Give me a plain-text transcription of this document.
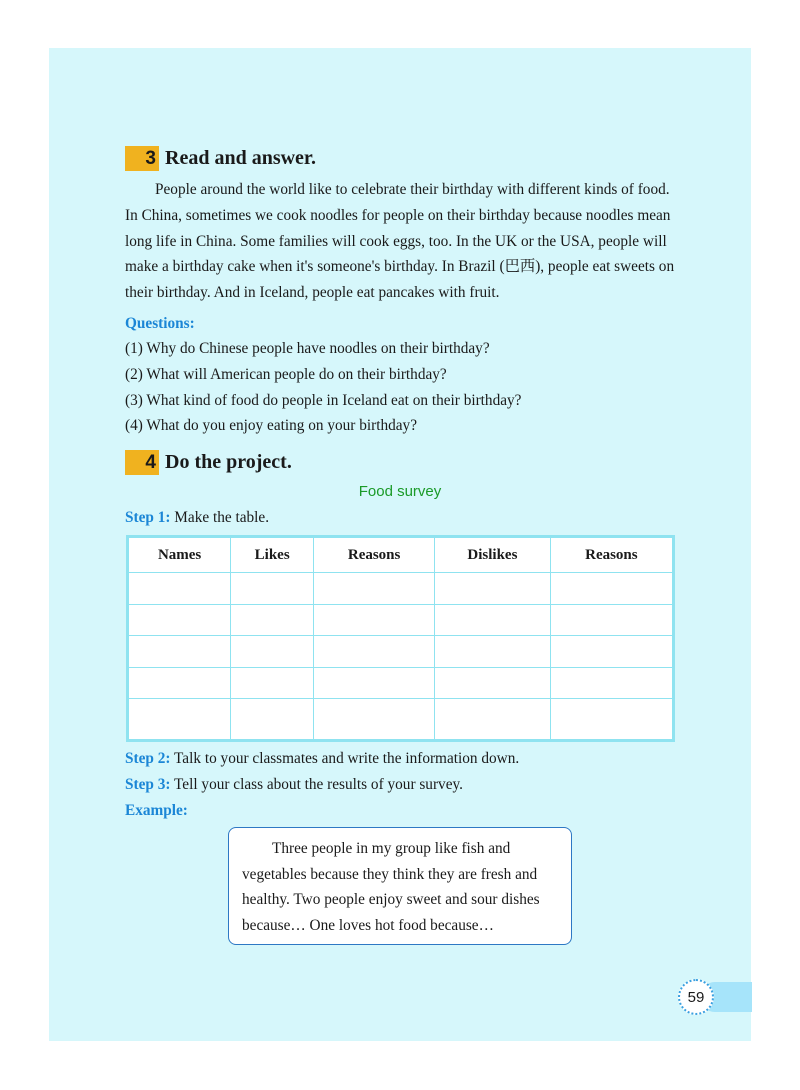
3 Read and answer.

People around the world like to celebrate their birthday with different kinds of food. In China, sometimes we cook noodles for people on their birthday because noodles mean long life in China. Some families will cook eggs, too. In the UK or the USA, people will make a birthday cake when it's someone's birthday. In Brazil (巴西), people eat sweets on their birthday. And in Iceland, people eat pancakes with fruit.

Questions:
(1) Why do Chinese people have noodles on their birthday?
(2) What will American people do on their birthday?
(3) What kind of food do people in Iceland eat on their birthday?
(4) What do you enjoy eating on your birthday?
4 Do the project.
Food survey
Step 1: Make the table.
Names	Likes	Reasons	Dislikes	Reasons

Step 2: Talk to your classmates and write the information down.
Step 3: Tell your class about the results of your survey.
Example:

Three people in my group like fish and vegetables because they think they are fresh and healthy. Two people enjoy sweet and sour dishes because… One loves hot food because…

59
